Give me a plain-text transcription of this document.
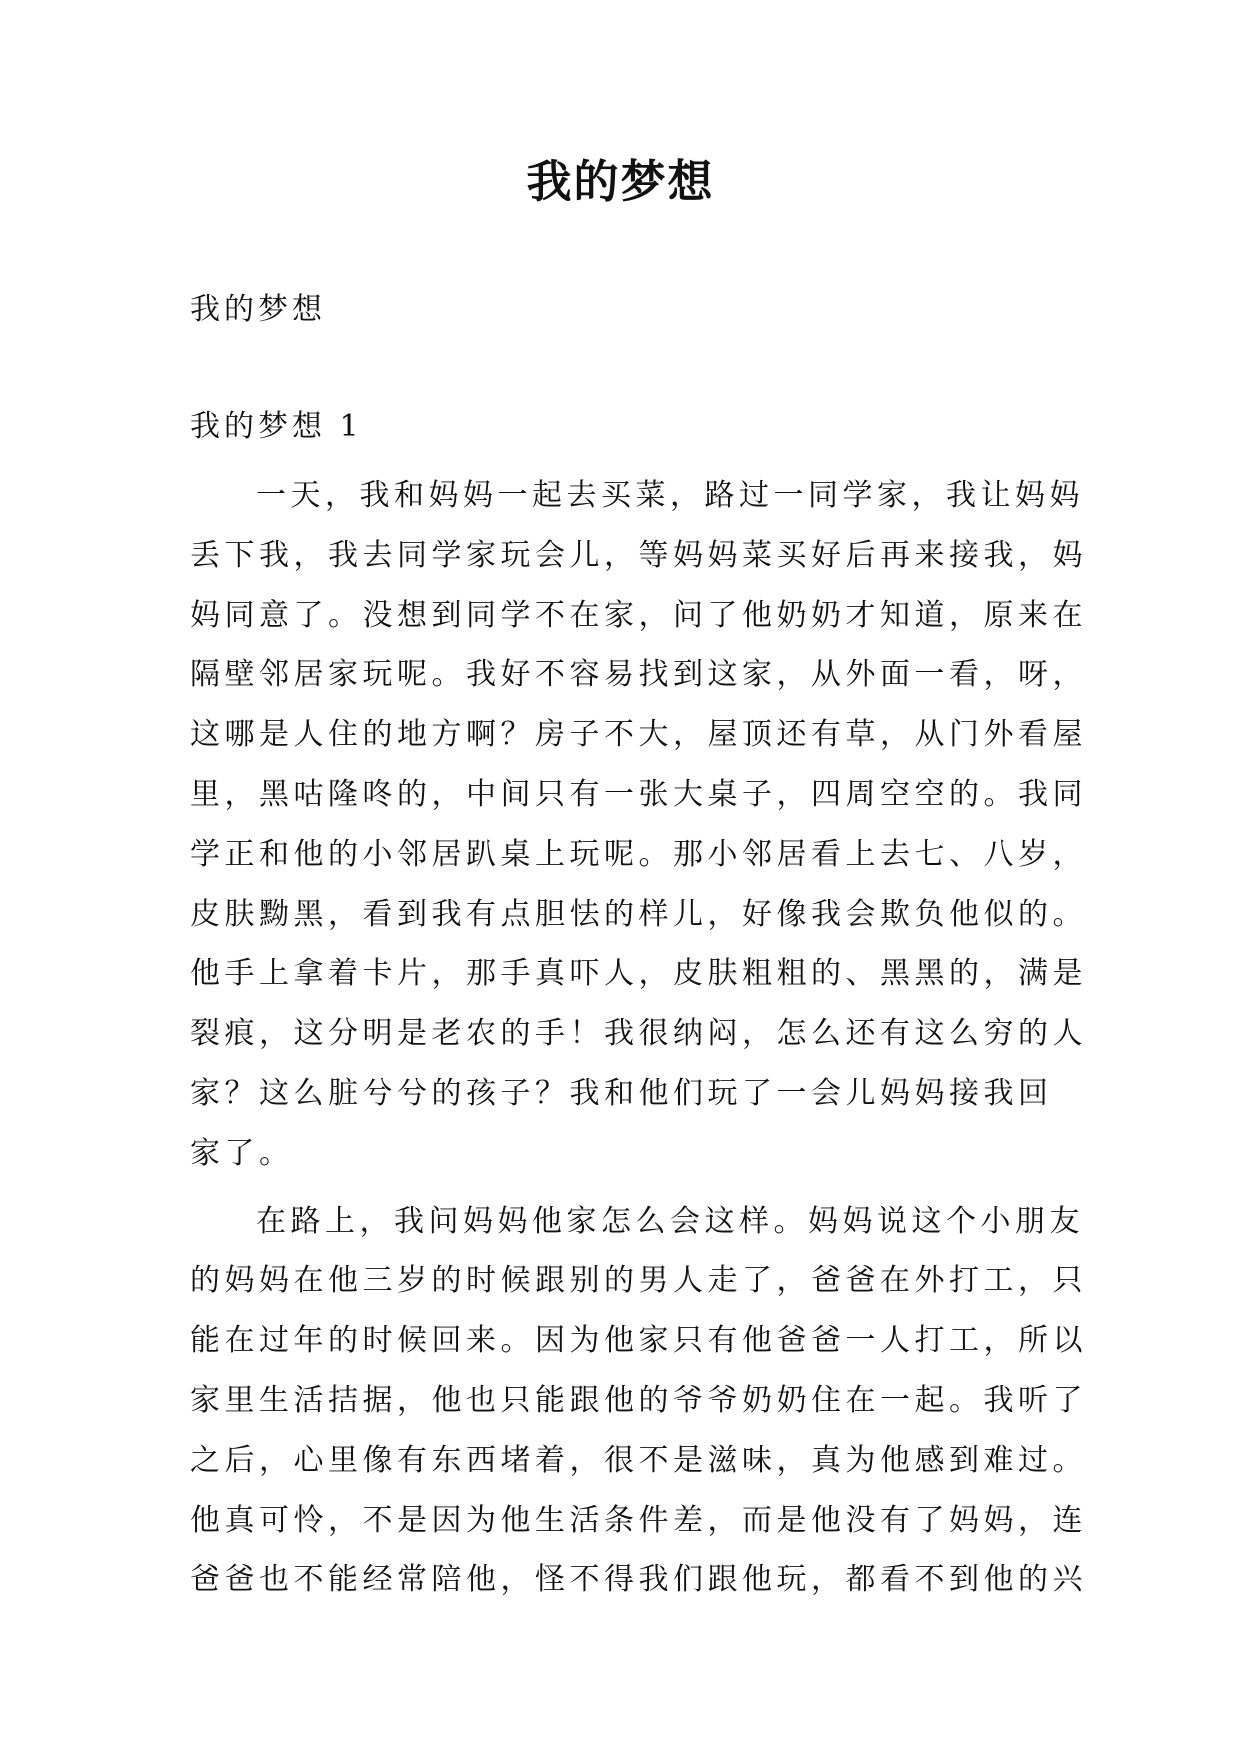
我的梦想

我的梦想

我的梦想 1

一天，我和妈妈一起去买菜，路过一同学家，我让妈妈
丢下我，我去同学家玩会儿，等妈妈菜买好后再来接我，妈
妈同意了。没想到同学不在家，问了他奶奶才知道，原来在
隔壁邻居家玩呢。我好不容易找到这家，从外面一看，呀，
这哪是人住的地方啊？房子不大，屋顶还有草，从门外看屋
里，黑咕隆咚的，中间只有一张大桌子，四周空空的。我同
学正和他的小邻居趴桌上玩呢。那小邻居看上去七、八岁，
皮肤黝黑，看到我有点胆怯的样儿，好像我会欺负他似的。
他手上拿着卡片，那手真吓人，皮肤粗粗的、黑黑的，满是
裂痕，这分明是老农的手！我很纳闷，怎么还有这么穷的人
家？这么脏兮兮的孩子？我和他们玩了一会儿妈妈接我回
家了。
在路上，我问妈妈他家怎么会这样。妈妈说这个小朋友
的妈妈在他三岁的时候跟别的男人走了，爸爸在外打工，只
能在过年的时候回来。因为他家只有他爸爸一人打工，所以
家里生活拮据，他也只能跟他的爷爷奶奶住在一起。我听了
之后，心里像有东西堵着，很不是滋味，真为他感到难过。
他真可怜，不是因为他生活条件差，而是他没有了妈妈，连
爸爸也不能经常陪他，怪不得我们跟他玩，都看不到他的兴
